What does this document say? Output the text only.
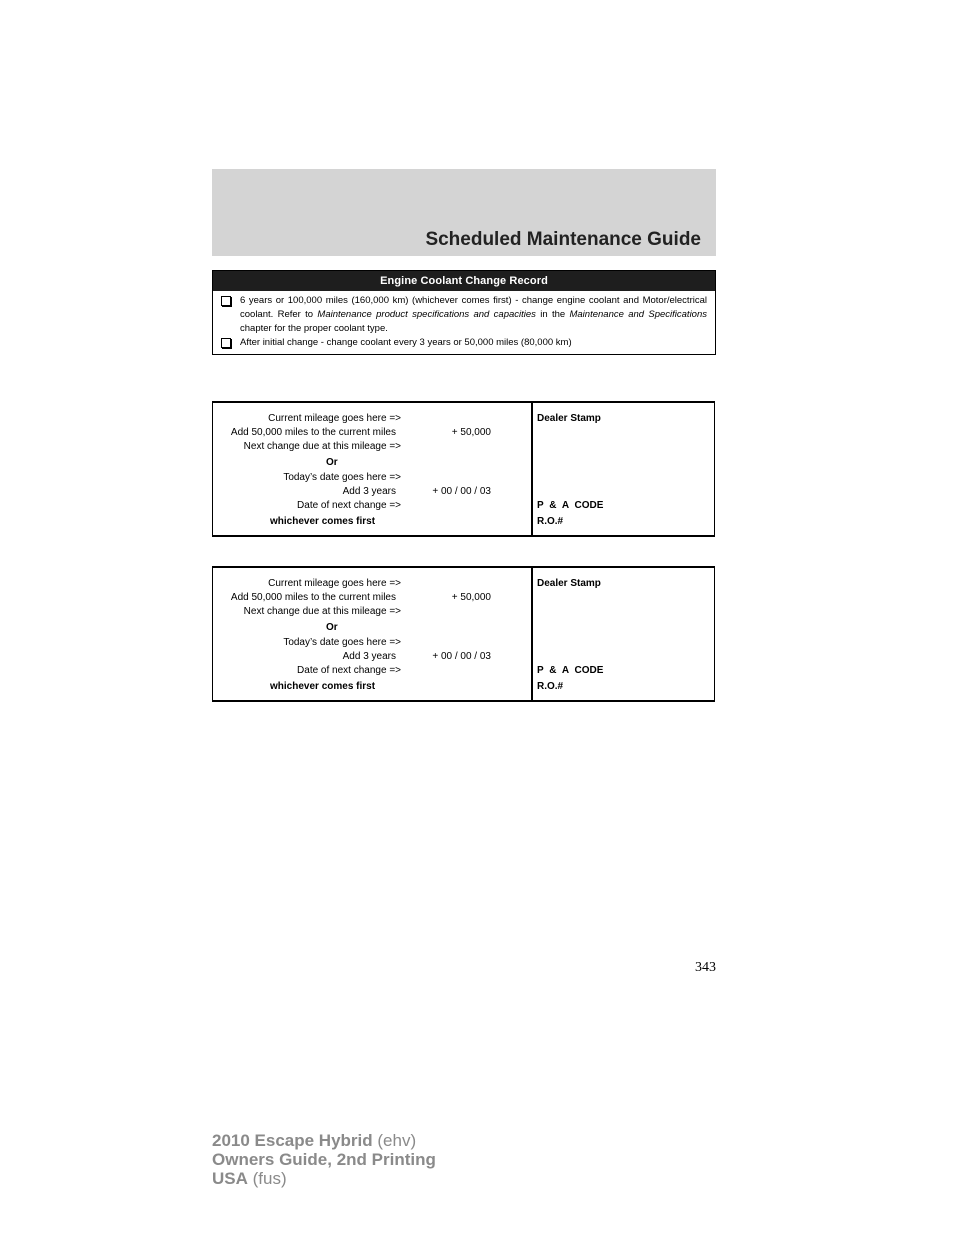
Scheduled Maintenance Guide
Engine Coolant Change Record
6 years or 100,000 miles (160,000 km) (whichever comes first) - change engine coolant and Motor/electrical coolant. Refer to Maintenance product specifications and capacities in the Maintenance and Specifications chapter for the proper coolant type.
After initial change - change coolant every 3 years or 50,000 miles (80,000 km)
Current mileage goes here =>
Add 50,000 miles to the current miles	+ 50,000
Next change due at this mileage =>
Or
Today’s date goes here =>
Add 3 years	+ 00 / 00 / 03
Date of next change =>
whichever comes first
Dealer Stamp
P & A CODE
R.O.#
Current mileage goes here =>
Add 50,000 miles to the current miles	+ 50,000
Next change due at this mileage =>
Or
Today’s date goes here =>
Add 3 years	+ 00 / 00 / 03
Date of next change =>
whichever comes first
Dealer Stamp
P & A CODE
R.O.#
343
2010 Escape Hybrid (ehv)
Owners Guide, 2nd Printing
USA (fus)
